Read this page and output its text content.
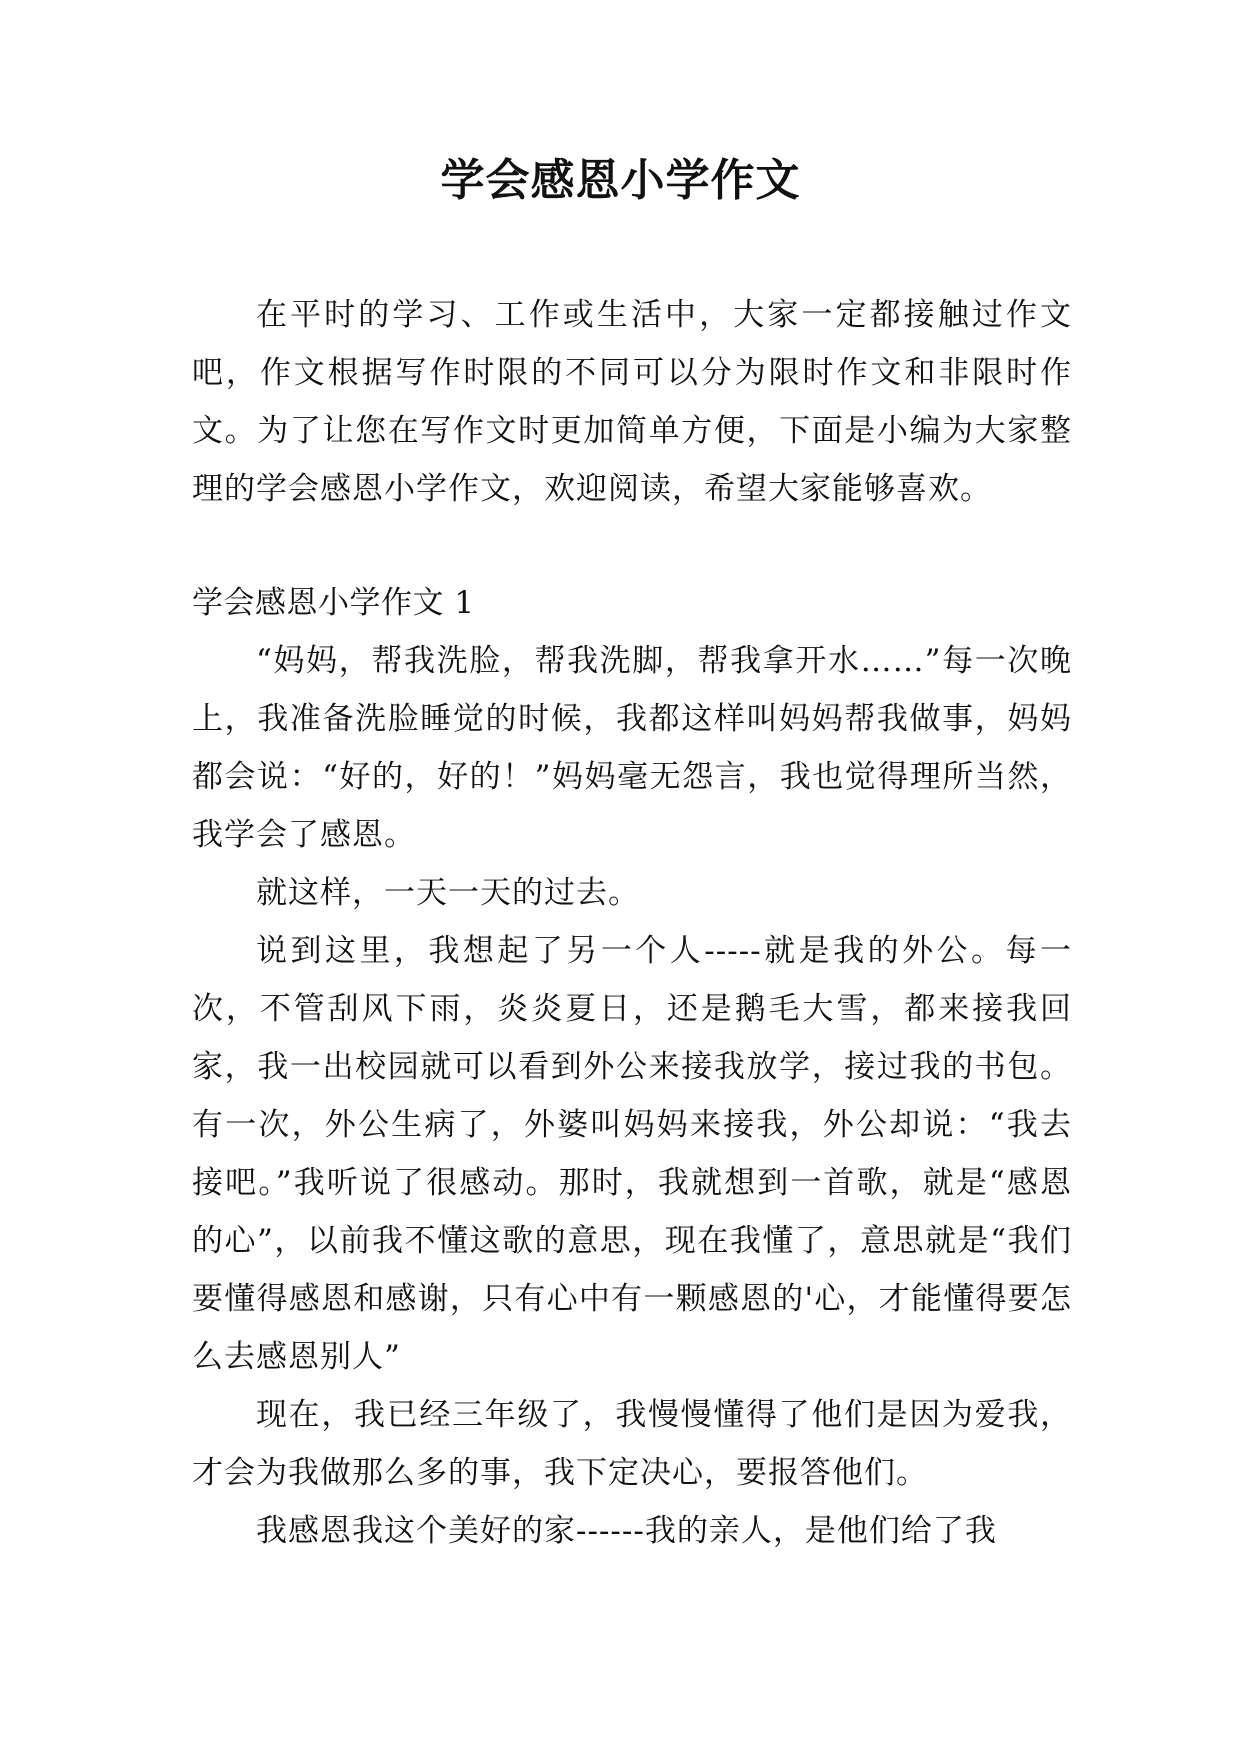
学会感恩小学作文

在平时的学习、工作或生活中，大家一定都接触过作文吧，作文根据写作时限的不同可以分为限时作文和非限时作文。为了让您在写作文时更加简单方便，下面是小编为大家整理的学会感恩小学作文，欢迎阅读，希望大家能够喜欢。

学会感恩小学作文 1

“妈妈，帮我洗脸，帮我洗脚，帮我拿开水……”每一次晚上，我准备洗脸睡觉的时候，我都这样叫妈妈帮我做事，妈妈都会说：“好的，好的！”妈妈毫无怨言，我也觉得理所当然，我学会了感恩。

就这样，一天一天的过去。

说到这里，我想起了另一个人-----就是我的外公。每一次，不管刮风下雨，炎炎夏日，还是鹅毛大雪，都来接我回家，我一出校园就可以看到外公来接我放学，接过我的书包。有一次，外公生病了，外婆叫妈妈来接我，外公却说：“我去接吧。”我听说了很感动。那时，我就想到一首歌，就是“感恩的心”，以前我不懂这歌的意思，现在我懂了，意思就是“我们要懂得感恩和感谢，只有心中有一颗感恩的'心，才能懂得要怎么去感恩别人”

现在，我已经三年级了，我慢慢懂得了他们是因为爱我，才会为我做那么多的事，我下定决心，要报答他们。

我感恩我这个美好的家------我的亲人，是他们给了我
